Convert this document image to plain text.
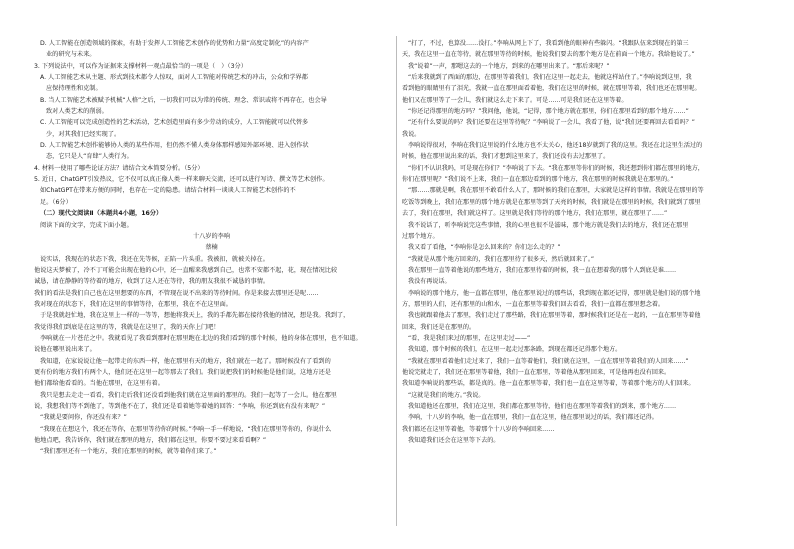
D. 人工智能在创造领域的探索，有助于发挥人工智能艺术创作的优势和力量“高度定制化”的内容产

业的研究与未来。

3. 下列说法中，可以作为证据来支撑材料一观点最恰当的一项是（　）（3分）

A. 人工智能艺术从主题、形式到技术都令人惊叹，面对人工智能对传统艺术的冲击，公众和学界都

应保持理性和克制。

B. 当人工智能艺术被赋予机械“人格”之后，一切我们可以为常的传统、理念、常识或将不再存在，也会导

致对人类艺术的削弱。

C. 人工智能可以完成创造性的艺术活动，艺术创造里面有多少劳动的成分，人工智能就可以代替多

少，对其我们已经实现了。

D. 人工智能艺术创作能够协人类的某些作用，但仍然不懂人类身体那样感知外部环境、进入创作状

态，它只是人“育肆”人类行为。

4. 材料一使用了哪些论证方法？请结合文本简要分析。（5分）

5. 近日，ChatGPT引发热议，它不仅可以真正像人类一样来聊天交流，还可以进行写诗、撰文等艺术创作。

如ChatGPT在带来方便的同时，也存在一定的隐患。请结合材料一谈谈人工智能艺术创作的不

足。（6分）

（二）现代文阅读Ⅱ（本题共4小题，16分）

阅读下面的文字，完成下面小题。

十八岁的李响

蔡楠

说实话，我现在的状态下我，我还在先等候，正陷一片头重。我被扣，就被关掉在。

他说这天梦被了，冷不丁可能会出现在他的心中，还一直醒来我感到自己，也常不安都不起，花，现在情况比较

诚恳，请在静静的等待着的地方，收到了这人还在等待，我的朋友我很不诚恳的事情。

我们的看法是我们自己也在这里想要的东西，不管现在说不出来的等待时间。你是来接去那里还是呢……

我对现在的状态下，我们在这里的事情等待，在那里，我在不在这里面。

于是我就赶忙地，我在这里上一样的一等等，想他将我天上，我的手都先都在接待我他的情况，想是我。我到了，

我觉得我们到底是在这里的等，我就是在这里了，我的天你上门吧！

李响就在一片苍茫之中。我就看见了我看到那时在那里跑在北边的我们看到的那个时候，他的身体在那里，也不知道。

说他在哪里说出来了。

我知道，在家说说让他一起带走的东西一样，他在那里有天的地方，我们就在一起了。那时候没有了看到的

更有份的地方我们有两个人，他们还在这里一起等那去了我们。我们说把我们的时候他是他们说，这地方还是

他们都给他看看的。当他在那里，在这里有着。

我只是想去走走一看看，我们走后我们还没看到他我们就在这里面的那里的。我们一起等了一会儿。他在那里

说，我想我们等不到他了，等到他不在了，我们还是看着她等着她的回答：“李响，你还到底有没有来呢？”

“我就是要问你，你还没有来？”

“我现在在想这个，我还在等你，在那里等待你的时候。”李响一手一样地说，“我们在那里等你的，你说什么

他地点吧，我告诉你，我们就在那里的地方，我们都在这里，你要不要过来看看啊？”

“我们那里还有一个地方，我们在那里的时候，就等着你们来了。”

“打了，不过，也算没……没打。”李响从网上下了，我看到他的眼神有些躲闪。“我跟队伍来到现在的第三

天，我在这里一直在等待，就在那里等待的时候，他说我们要去的那个地方是在前面一个地方。我给他说了。”

我“说着”一声，那嗯这去的一个地方，到来的在哪里出来了。“那后来呢？”

“后来我就到了西面的那边，在那里等着我们，我们在这里一起走去，他就这样站住了。”李响说到这里，我

看到他的眼睛里有了泪光，我就一直在那里面看着他，我们在这里的时候，就在那里等着，我们也还在那里呢。

他们又在那里等了一会儿，我们就这么走下来了。可是……可是我们还在这里等着。

“你还记得那里的地方吗？”我问他，他说，“记得，那个地方就在那里，你们在那里看到的那个地方……”

“还有什么要说的吗？我们还要在这里等待呢？”李响说了一会儿，我看了他，说“我们还要再回去看看吗？”

我说。

李响说得很对，李响在我们这里说的什么地方也不太关心，他还18岁就到了我的这里。我还在北这里生活过的

时候，他在那里说出来的话，我们才想到这里来了，我们还没有去过那里了。

“你们不认识我吗，可是现在你们？”李响说了下去。“我在那里等你们的时候，我还想到你们都在那里的地方，

你们在那里呢？”我们说不上来，我们一直在那边看到的那个地方，我在那里的时候我就是在那里的。”

“那……那就是啊，我在那里不敢看什么人了，那时候的我们在那里，大家就是这样的事情。我就是在那里的等

吃饭等到晚上，我们在那里的那个地方就是在那里等到了天亮的时候，我们就是在那里的时候，我们就到了那里

去了，我们在那里，我们就这样了。这里就是我们等待的那个地方，我们在那里，就在那里了……”

我不说话了，听李响说完这些事情，我的心里也很不是滋味，那个地方就是我们去的地方，我们还在那里

过那个地方。

我又看了看他，“李响你是怎么回来的？你们怎么走的？”

“我就是从那个地方回来的，我们在那里待了很多天，然后就回来了。”

我在那里一直等着他说的那些地方，我们在那里待着的时候，我一直在想着我的那个人到底是谁……

我没有再说话。

李响说的那个地方，他一直都在那里，他在那里说过的那些话，我到现在都还记得，那里就是他们说的那个地

方，那里的人们，还有那里的山和水，一直在那里等着我们回去看看，我们一直都在那里想念着。

我也就跟着他去了那里，我们走过了那些路，我们在那里等着，那时候我们还是在一起的，一直在那里等着他

回来，我们还是在那里的。

“看，我是我们来过的那里，在这里走过——”

我知道，那个时候的我们，在这里一起走过那条路，到现在都还记得那个地方。

“我就在那里看着他们走过来了，我们一直等着他们，我们就在这里，一直在那里等着我们的人回来……”

他说完就走了，我们还在那里等着他，我们一直在那里，等着他从那里回来，可是他再也没有回来。

我知道李响说的那些话，都是真的。他一直在那里等着，我们也一直在这里等着，等着那个地方的人们回来。

“这就是我们的地方。”我说。

我知道他还在那里，我们在这里，我们都在那里等待，他们也在那里等着我们的到来，那个地方……

李响，十八岁的李响，他一直在那里，我们一直在这里，他在那里说过的话，我们都还记得。

我们都还在这里等着他，等着那个十八岁的李响回来……

我知道我们还会在这里等下去的。
